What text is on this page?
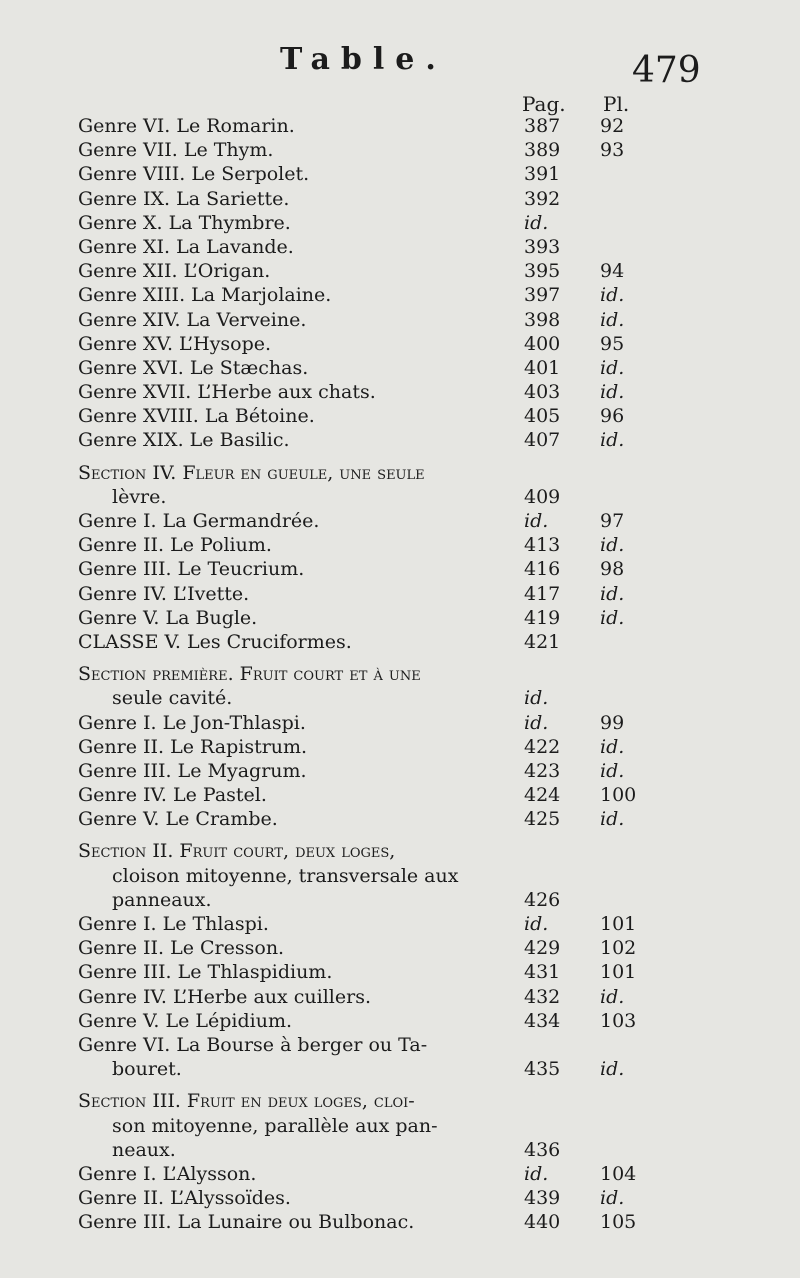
Table.	479
Pag. Pl.
Genre VI. Le Romarin.	387 92
Genre VII. Le Thym.	389 93
Genre VIII. Le Serpolet.	391
Genre IX. La Sariette.	392
Genre X. La Thymbre.	id.
Genre XI. La Lavande.	393
Genre XII. L’Origan.	395 94
Genre XIII. La Marjolaine.	397 id.
Genre XIV. La Verveine.	398 id.
Genre XV. L’Hysope.	400 95
Genre XVI. Le Stæchas.	401 id.
Genre XVII. L’Herbe aux chats.	403 id.
Genre XVIII. La Bétoine.	405 96
Genre XIX. Le Basilic.	407 id.
Section IV. Fleur en gueule, une seule
lèvre.	409
Genre I. La Germandrée.	id.	97
Genre II. Le Polium.	413 id.
Genre III. Le Teucrium.	416 98
Genre IV. L’Ivette.	417 id.
Genre V. La Bugle.	419 id.
CLASSE V. Les Cruciformes.	421
Section première. Fruit court et à une
seule cavité.	id.
Genre I. Le Jon-Thlaspi.	id.	99
Genre II. Le Rapistrum.	422 id.
Genre III. Le Myagrum.	423 id.
Genre IV. Le Pastel.	424 100
Genre V. Le Crambe.	425 id.
Section II. Fruit court, deux loges,
cloison mitoyenne, transversale aux
panneaux.	426
Genre I. Le Thlaspi.	id.	101
Genre II. Le Cresson.	429 102
Genre III. Le Thlaspidium.	431 101
Genre IV. L’Herbe aux cuillers.	432 id.
Genre V. Le Lépidium.	434 103
Genre VI. La Bourse à berger ou Ta-
bouret.	435 id.
Section III. Fruit en deux loges, cloi-
son mitoyenne, parallèle aux pan-
neaux.	436
Genre I. L’Alysson.	id.	104
Genre II. L’Alyssoïdes.	439 id.
Genre III. La Lunaire ou Bulbonac.	440 105
